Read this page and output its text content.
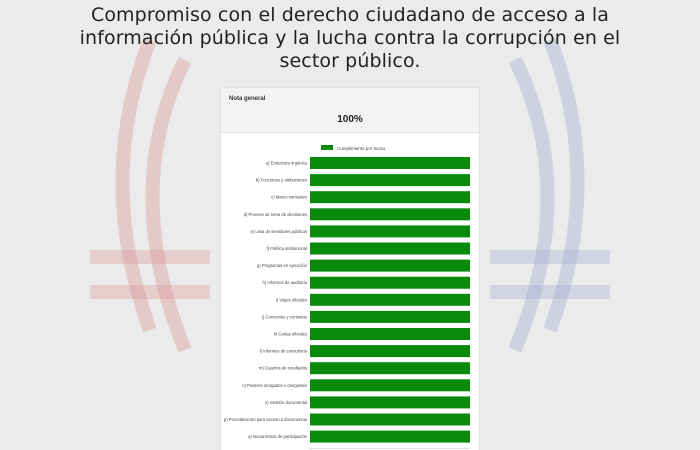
Compromiso con el derecho ciudadano de acceso a la
información pública y la lucha contra la corrupción en el
sector público.
Nota general
100%
Cumplimiento por Inciso
a) Estructura orgánica
b) Funciones y atribuciones
c) Marco normativo
d) Proceso de toma de decisiones
e) Lista de servidores públicos
f) Política institucional
g) Programas en ejecución
h) Informes de auditoría
i) Viajes oficiales
j) Convenios y contratos
k) Cartas oficiales
l) Informes de consultoría
m) Cuadros de resultados
n) Poderes otorgados o otorgantes
o) Gestión documental
p) Procedimiento para acceso a documentos
q) Mecanismos de participación
